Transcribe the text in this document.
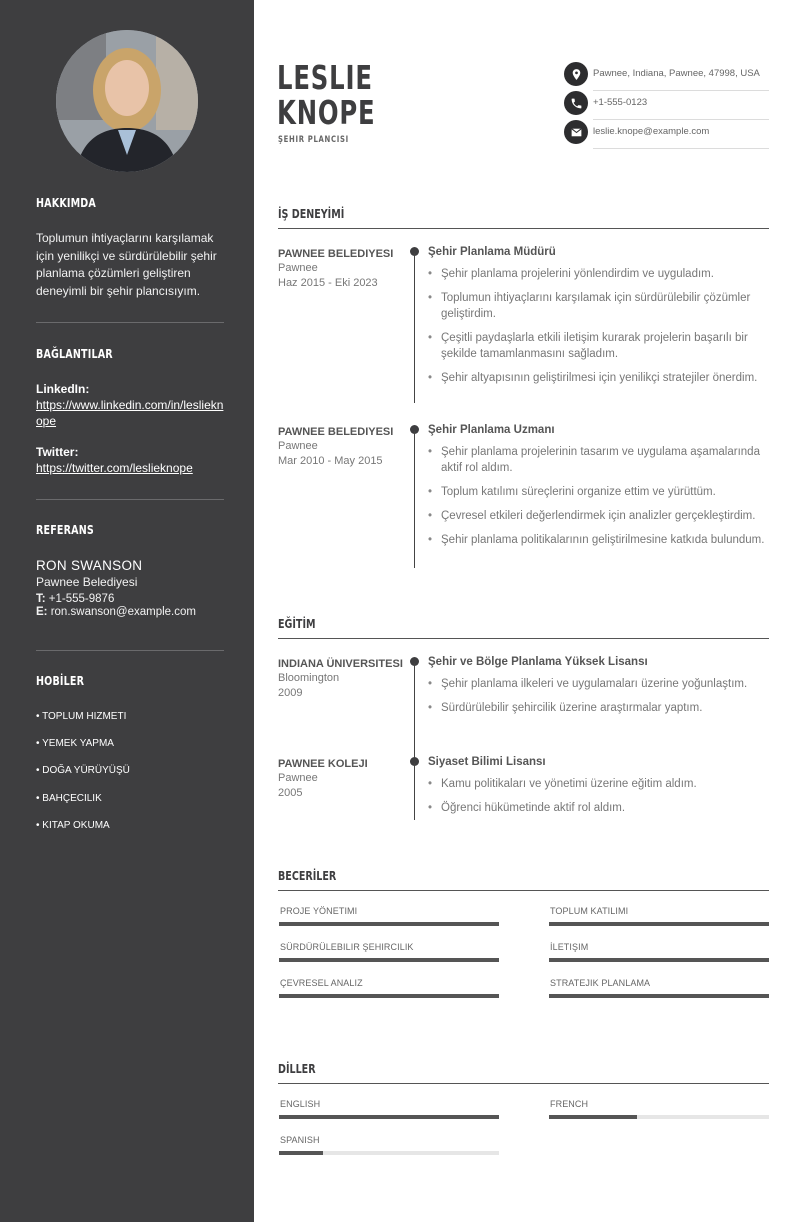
HAKKIMDA
Toplumun ihtiyaçlarını karşılamak için yenilikçi ve sürdürülebilir şehir planlama çözümleri geliştiren deneyimli bir şehir plancısıyım.
BAĞLANTILAR
LinkedIn:
https://www.linkedin.com/in/leslieknope
Twitter:
https://twitter.com/leslieknope
REFERANS
RON SWANSON
Pawnee Belediyesi
T: +1-555-9876
E: ron.swanson@example.com
HOBİLER
• TOPLUM HIZMETI
• YEMEK YAPMA
• DOĞA YÜRÜYÜŞÜ
• BAHÇECILIK
• KITAP OKUMA
LESLIE
KNOPE
ŞEHIR PLANCISI
Pawnee, Indiana, Pawnee, 47998, USA
+1-555-0123
leslie.knope@example.com
İŞ DENEYİMİ
PAWNEE BELEDIYESI
Pawnee
Haz 2015 - Eki 2023
Şehir Planlama Müdürü
• Şehir planlama projelerini yönlendirdim ve uyguladım.
• Toplumun ihtiyaçlarını karşılamak için sürdürülebilir çözümler geliştirdim.
• Çeşitli paydaşlarla etkili iletişim kurarak projelerin başarılı bir şekilde tamamlanmasını sağladım.
• Şehir altyapısının geliştirilmesi için yenilikçi stratejiler önerdim.
PAWNEE BELEDIYESI
Pawnee
Mar 2010 - May 2015
Şehir Planlama Uzmanı
• Şehir planlama projelerinin tasarım ve uygulama aşamalarında aktif rol aldım.
• Toplum katılımı süreçlerini organize ettim ve yürüttüm.
• Çevresel etkileri değerlendirmek için analizler gerçekleştirdim.
• Şehir planlama politikalarının geliştirilmesine katkıda bulundum.
EĞİTİM
INDIANA ÜNIVERSITESI
Bloomington
2009
Şehir ve Bölge Planlama Yüksek Lisansı
• Şehir planlama ilkeleri ve uygulamaları üzerine yoğunlaştım.
• Sürdürülebilir şehircilik üzerine araştırmalar yaptım.
PAWNEE KOLEJI
Pawnee
2005
Siyaset Bilimi Lisansı
• Kamu politikaları ve yönetimi üzerine eğitim aldım.
• Öğrenci hükümetinde aktif rol aldım.
BECERİLER
PROJE YÖNETIMI	TOPLUM KATILIMI
SÜRDÜRÜLEBILIR ŞEHIRCILIK	İLETIŞIM
ÇEVRESEL ANALIZ	STRATEJIK PLANLAMA
DİLLER
ENGLISH	FRENCH
SPANISH
